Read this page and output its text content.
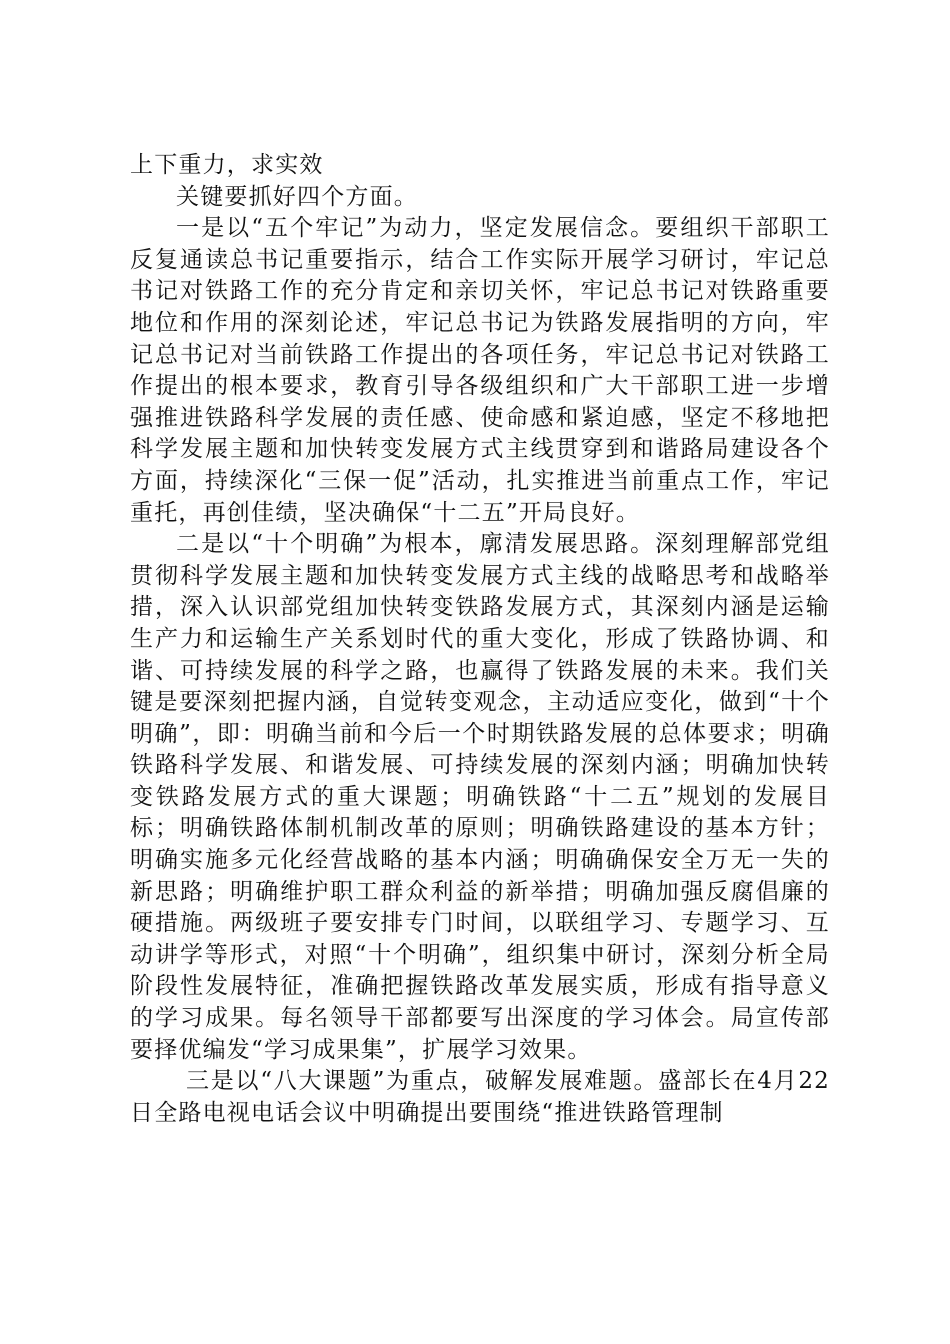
上下重力，求实效

关键要抓好四个方面。

一是以“五个牢记”为动力，坚定发展信念。要组织干部职工反复通读总书记重要指示，结合工作实际开展学习研讨，牢记总书记对铁路工作的充分肯定和亲切关怀，牢记总书记对铁路重要地位和作用的深刻论述，牢记总书记为铁路发展指明的方向，牢记总书记对当前铁路工作提出的各项任务，牢记总书记对铁路工作提出的根本要求，教育引导各级组织和广大干部职工进一步增强推进铁路科学发展的责任感、使命感和紧迫感，坚定不移地把科学发展主题和加快转变发展方式主线贯穿到和谐路局建设各个方面，持续深化“三保一促”活动，扎实推进当前重点工作，牢记重托，再创佳绩，坚决确保“十二五”开局良好。

二是以“十个明确”为根本，廓清发展思路。深刻理解部党组贯彻科学发展主题和加快转变发展方式主线的战略思考和战略举措，深入认识部党组加快转变铁路发展方式，其深刻内涵是运输生产力和运输生产关系划时代的重大变化，形成了铁路协调、和谐、可持续发展的科学之路，也赢得了铁路发展的未来。我们关键是要深刻把握内涵，自觉转变观念，主动适应变化，做到“十个明确”，即：明确当前和今后一个时期铁路发展的总体要求；明确铁路科学发展、和谐发展、可持续发展的深刻内涵；明确加快转变铁路发展方式的重大课题；明确铁路“十二五”规划的发展目标；明确铁路体制机制改革的原则；明确铁路建设的基本方针；明确实施多元化经营战略的基本内涵；明确确保安全万无一失的新思路；明确维护职工群众利益的新举措；明确加强反腐倡廉的硬措施。两级班子要安排专门时间，以联组学习、专题学习、互动讲学等形式，对照“十个明确”，组织集中研讨，深刻分析全局阶段性发展特征，准确把握铁路改革发展实质，形成有指导意义的学习成果。每名领导干部都要写出深度的学习体会。局宣传部要择优编发“学习成果集”，扩展学习效果。

三是以“八大课题”为重点，破解发展难题。盛部长在4月22日全路电视电话会议中明确提出要围绕“推进铁路管理制
